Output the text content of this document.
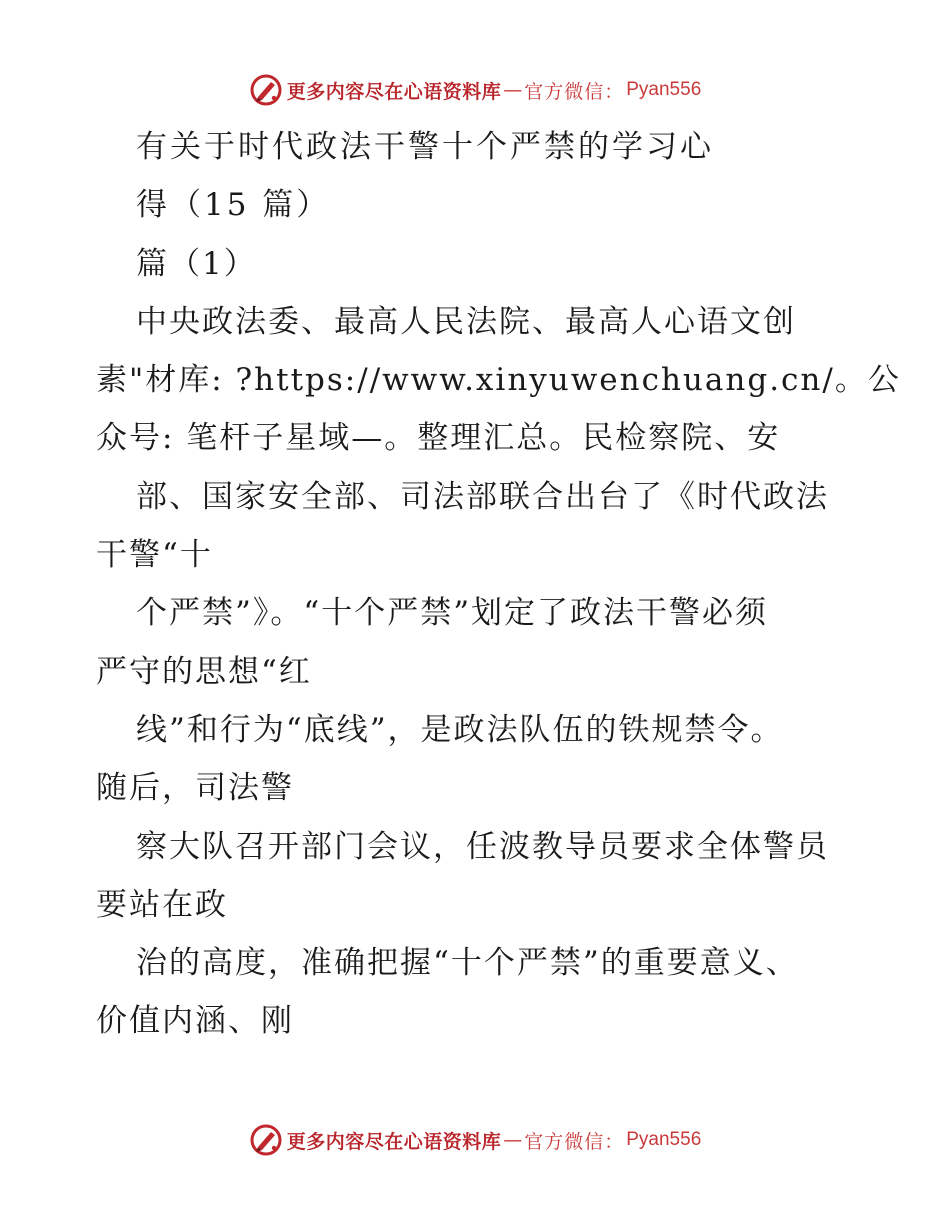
更多内容尽在心语资料库 — 官方微信： Pyan556
有关于时代政法干警十个严禁的学习心
得（15 篇）
篇（1）
中央政法委、最高人民法院、最高人心语文创
素"材库: ?https://www.xinyuwenchuang.cn/。公
众号: 笔杆子星域—。整理汇总。民检察院、安
部、国家安全部、司法部联合出台了《时代政法
干警“十
个严禁”》。“十个严禁”划定了政法干警必须
严守的思想“红
线”和行为“底线”，是政法队伍的铁规禁令。
随后，司法警
察大队召开部门会议，任波教导员要求全体警员
要站在政
治的高度，准确把握“十个严禁”的重要意义、
价值内涵、刚
更多内容尽在心语资料库 — 官方微信： Pyan556
